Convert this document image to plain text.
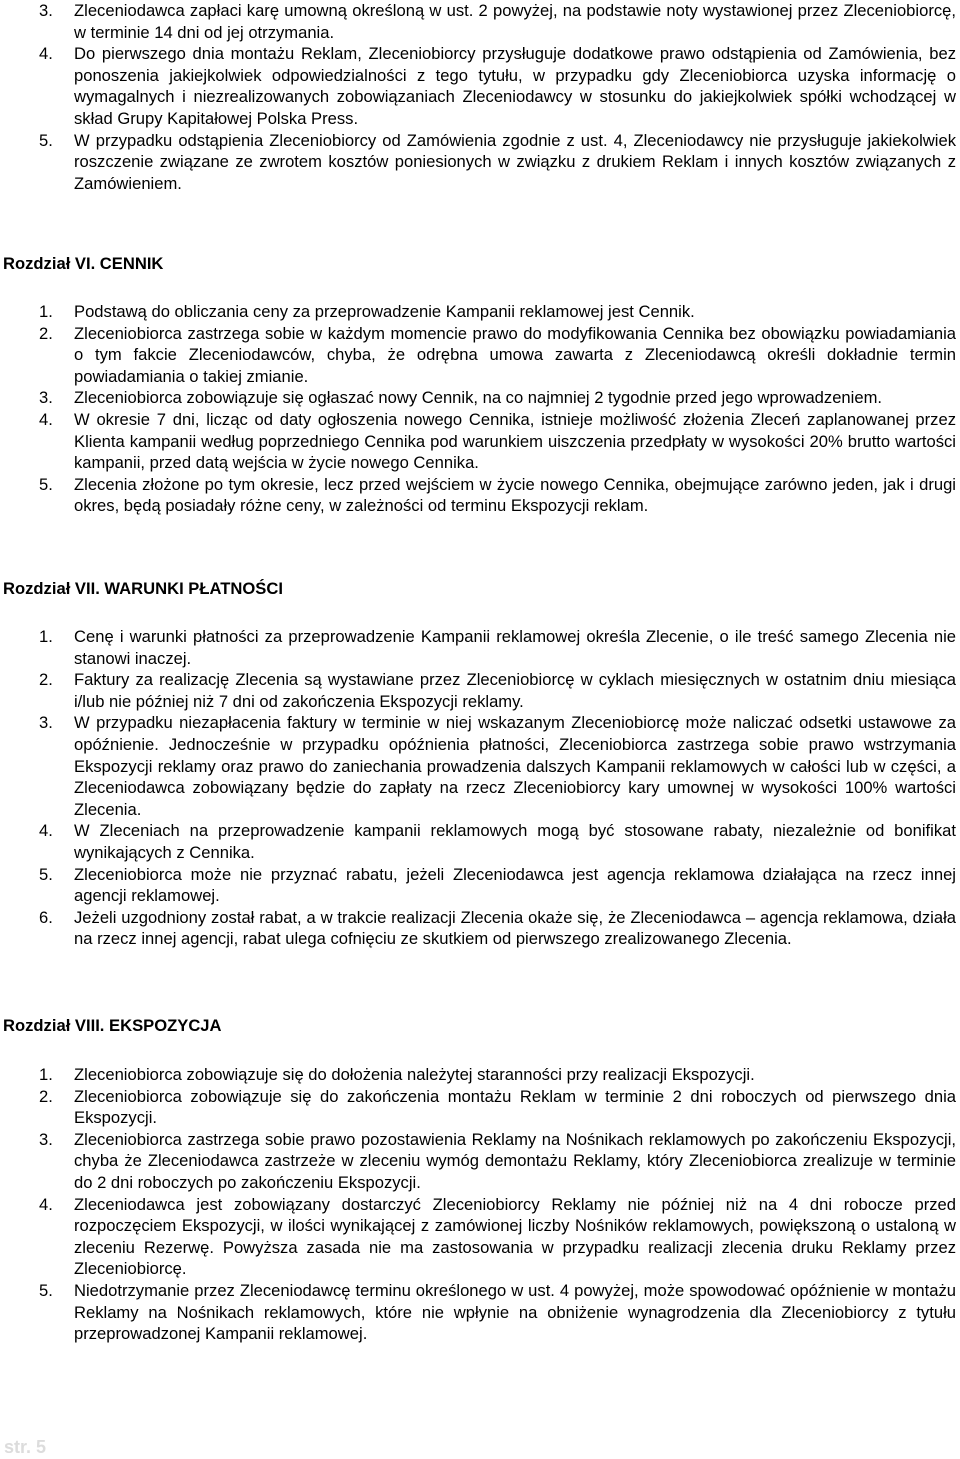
3. Zleceniodawca zapłaci karę umowną określoną w ust. 2 powyżej, na podstawie noty wystawionej przez Zleceniobiorcę, w terminie 14 dni od jej otrzymania.
4. Do pierwszego dnia montażu Reklam, Zleceniobiorcy przysługuje dodatkowe prawo odstąpienia od Zamówienia, bez ponoszenia jakiejkolwiek odpowiedzialności z tego tytułu, w przypadku gdy Zleceniobiorca uzyska informację o wymagalnych i niezrealizowanych zobowiązaniach Zleceniodawcy w stosunku do jakiejkolwiek spółki wchodzącej w skład Grupy Kapitałowej Polska Press.
5. W przypadku odstąpienia Zleceniobiorcy od Zamówienia zgodnie z ust. 4, Zleceniodawcy nie przysługuje jakiekolwiek roszczenie związane ze zwrotem kosztów poniesionych w związku z drukiem Reklam i innych kosztów związanych z Zamówieniem.
Rozdział VI. CENNIK
1. Podstawą do obliczania ceny za przeprowadzenie Kampanii reklamowej jest Cennik.
2. Zleceniobiorca zastrzega sobie w każdym momencie prawo do modyfikowania Cennika bez obowiązku powiadamiania o tym fakcie Zleceniodawców, chyba, że odrębna umowa zawarta z Zleceniodawcą określi dokładnie termin powiadamiania o takiej zmianie.
3. Zleceniobiorca zobowiązuje się ogłaszać nowy Cennik, na co najmniej 2 tygodnie przed jego wprowadzeniem.
4. W okresie 7 dni, licząc od daty ogłoszenia nowego Cennika, istnieje możliwość złożenia Zleceń zaplanowanej przez Klienta kampanii według poprzedniego Cennika pod warunkiem uiszczenia przedpłaty w wysokości 20% brutto wartości kampanii, przed datą wejścia w życie nowego Cennika.
5. Zlecenia złożone po tym okresie, lecz przed wejściem w życie nowego Cennika, obejmujące zarówno jeden, jak i drugi okres, będą posiadały różne ceny, w zależności od terminu Ekspozycji reklam.
Rozdział VII. WARUNKI PŁATNOŚCI
1. Cenę i warunki płatności za przeprowadzenie Kampanii reklamowej określa Zlecenie, o ile treść samego Zlecenia nie stanowi inaczej.
2. Faktury za realizację Zlecenia są wystawiane przez Zleceniobiorcę w cyklach miesięcznych w ostatnim dniu miesiąca i/lub nie później niż 7 dni od zakończenia Ekspozycji reklamy.
3. W przypadku niezapłacenia faktury w terminie w niej wskazanym Zleceniobiorcę może naliczać odsetki ustawowe za opóźnienie. Jednocześnie w przypadku opóźnienia płatności, Zleceniobiorca zastrzega sobie prawo wstrzymania Ekspozycji reklamy oraz prawo do zaniechania prowadzenia dalszych Kampanii reklamowych w całości lub w części, a Zleceniodawca zobowiązany będzie do zapłaty na rzecz Zleceniobiorcy kary umownej w wysokości 100% wartości Zlecenia.
4. W Zleceniach na przeprowadzenie kampanii reklamowych mogą być stosowane rabaty, niezależnie od bonifikat wynikających z Cennika.
5. Zleceniobiorca może nie przyznać rabatu, jeżeli Zleceniodawca jest agencja reklamowa działająca na rzecz innej agencji reklamowej.
6. Jeżeli uzgodniony został rabat, a w trakcie realizacji Zlecenia okaże się, że Zleceniodawca – agencja reklamowa, działa na rzecz innej agencji, rabat ulega cofnięciu ze skutkiem od pierwszego zrealizowanego Zlecenia.
Rozdział VIII. EKSPOZYCJA
1. Zleceniobiorca zobowiązuje się do dołożenia należytej staranności przy realizacji Ekspozycji.
2. Zleceniobiorca zobowiązuje się do zakończenia montażu Reklam w terminie 2 dni roboczych od pierwszego dnia Ekspozycji.
3. Zleceniobiorca zastrzega sobie prawo pozostawienia Reklamy na Nośnikach reklamowych po zakończeniu Ekspozycji, chyba że Zleceniodawca zastrzeże w zleceniu wymóg demontażu Reklamy, który Zleceniobiorca zrealizuje w terminie do 2 dni roboczych po zakończeniu Ekspozycji.
4. Zleceniodawca jest zobowiązany dostarczyć Zleceniobiorcy Reklamy nie później niż na 4 dni robocze przed rozpoczęciem Ekspozycji, w ilości wynikającej z zamówionej liczby Nośników reklamowych, powiększoną o ustaloną w zleceniu Rezerwę. Powyższa zasada nie ma zastosowania w przypadku realizacji zlecenia druku Reklamy przez Zleceniobiorcę.
5. Niedotrzymanie przez Zleceniodawcę terminu określonego w ust. 4 powyżej, może spowodować opóźnienie w montażu Reklamy na Nośnikach reklamowych, które nie wpłynie na obniżenie wynagrodzenia dla Zleceniobiorcy z tytułu przeprowadzonej Kampanii reklamowej.
str. 5
